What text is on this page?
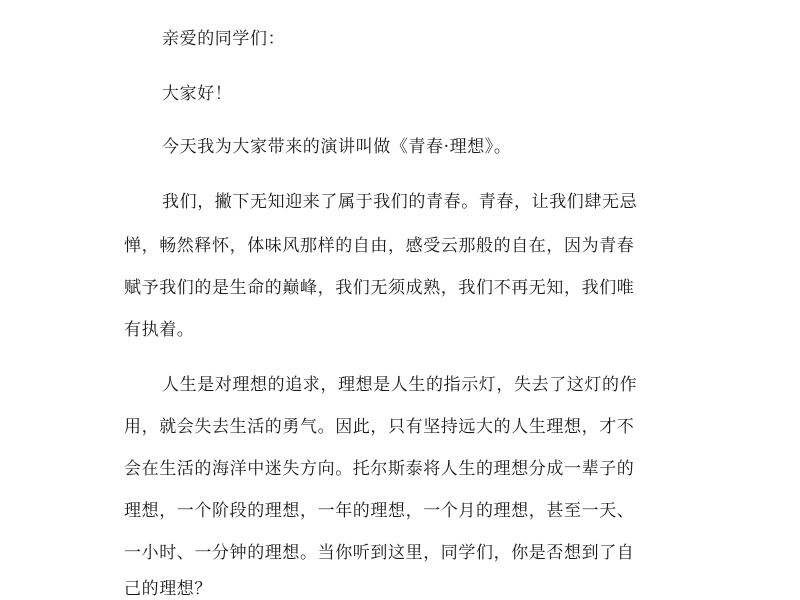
亲爱的同学们：
大家好！
今天我为大家带来的演讲叫做《青春·理想》。
我们，撇下无知迎来了属于我们的青春。青春，让我们肆无忌
惮，畅然释怀，体味风那样的自由，感受云那般的自在，因为青春
赋予我们的是生命的巅峰，我们无须成熟，我们不再无知，我们唯
有执着。
人生是对理想的追求，理想是人生的指示灯，失去了这灯的作
用，就会失去生活的勇气。因此，只有坚持远大的人生理想，才不
会在生活的海洋中迷失方向。托尔斯泰将人生的理想分成一辈子的
理想，一个阶段的理想，一年的理想，一个月的理想，甚至一天、
一小时、一分钟的理想。当你听到这里，同学们，你是否想到了自
己的理想？
